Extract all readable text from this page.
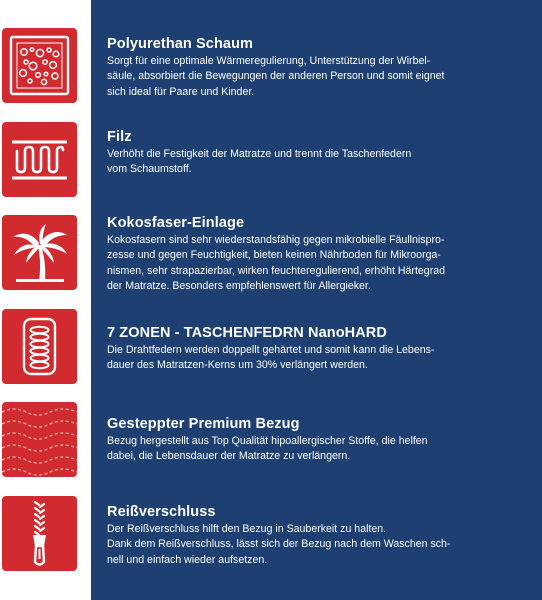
Polyurethan Schaum

Sorgt für eine optimale Wärmeregulierung, Unterstützung der Wirbel-
säule, absorbiert die Bewegungen der anderen Person und somit eignet
sich ideal für Paare und Kinder.

Filz

Verhöht die Festigkeit der Matratze und trennt die Taschenfedern
vom Schaumstoff.

Kokosfaser-Einlage

Kokosfasern sind sehr wiederstandsfähig gegen mikrobielle Fäullnispro-
zesse und gegen Feuchtigkeit, bieten keinen Nährboden für Mikroorga-
nismen, sehr strapazierbar, wirken feuchteregulierend, erhöht Härtegrad
der Matratze. Besonders empfehlenswert für Allergieker.

7 ZONEN - TASCHENFEDRN NanoHARD

Die Drahtfedern werden doppellt gehärtet und somit kann die Lebens-
dauer des Matratzen-Kerns um 30% verlängert werden.

Gesteppter Premium Bezug

Bezug hergestellt aus Top Qualität hipoallergischer Stoffe, die helfen
dabei, die Lebensdauer der Matratze zu verlängern.

Reißverschluss

Der Reißverschluss hilft den Bezug in Sauberkeit zu halten.
Dank dem Reißverschluss, lässt sich der Bezug nach dem Waschen sch-
nell und einfach wieder aufsetzen.
